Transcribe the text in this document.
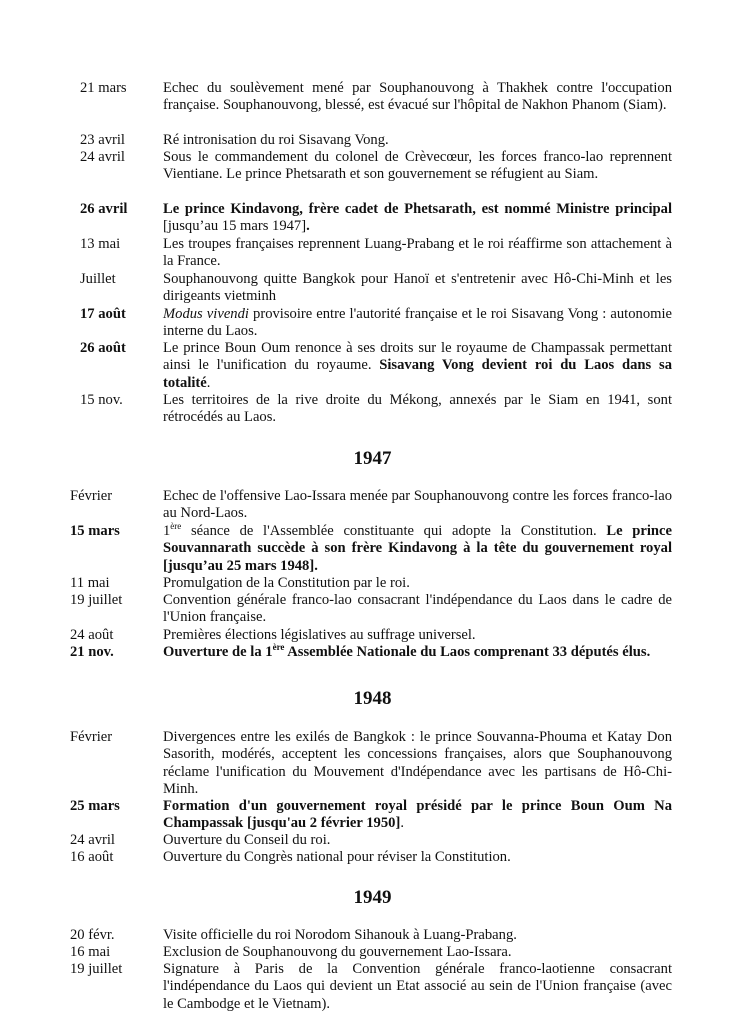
21 mars	Echec du soulèvement mené par Souphanouvong à Thakhek contre l'occupation française. Souphanouvong, blessé, est évacué sur l'hôpital de Nakhon Phanom (Siam).
23 avril	Ré intronisation du roi Sisavang Vong.
24 avril	Sous le commandement du colonel de Crèvecœur, les forces franco-lao reprennent Vientiane. Le prince Phetsarath et son gouvernement se réfugient au Siam.
26 avril	Le prince Kindavong, frère cadet de Phetsarath, est nommé Ministre principal [jusqu’au 15 mars 1947].
13 mai	Les troupes françaises reprennent Luang-Prabang et le roi réaffirme son attachement à la France.
Juillet	Souphanouvong quitte Bangkok pour Hanoï et s'entretenir avec Hô-Chi-Minh et les dirigeants vietminh
17 août	Modus vivendi provisoire entre l'autorité française et le roi Sisavang Vong : autonomie interne du Laos.
26 août	Le prince Boun Oum renonce à ses droits sur le royaume de Champassak permettant ainsi le l'unification du royaume. Sisavang Vong devient roi du Laos dans sa totalité.
15 nov.	Les territoires de la rive droite du Mékong, annexés par le Siam en 1941, sont rétrocédés au Laos.
1947
Février	Echec de l'offensive Lao-Issara menée par Souphanouvong contre les forces franco-lao au Nord-Laos.
15 mars	1ère séance de l'Assemblée constituante qui adopte la Constitution. Le prince Souvannarath succède à son frère Kindavong à la tête du gouvernement royal [jusqu’au 25 mars 1948].
11 mai	Promulgation de la Constitution par le roi.
19 juillet	Convention générale franco-lao consacrant l'indépendance du Laos dans le cadre de l'Union française.
24 août	Premières élections législatives au suffrage universel.
21 nov.	Ouverture de la 1ère Assemblée Nationale du Laos comprenant 33 députés élus.
1948
Février	Divergences entre les exilés de Bangkok : le prince Souvanna-Phouma et Katay Don Sasorith, modérés, acceptent les concessions françaises, alors que Souphanouvong réclame l'unification du Mouvement d'Indépendance avec les partisans de Hô-Chi-Minh.
25 mars	Formation d'un gouvernement royal présidé par le prince Boun Oum Na Champassak [jusqu'au 2 février 1950].
24 avril	Ouverture du Conseil du roi.
16 août	Ouverture du Congrès national pour réviser la Constitution.
1949
20 févr.	Visite officielle du roi Norodom Sihanouk à Luang-Prabang.
16 mai	Exclusion de Souphanouvong du gouvernement Lao-Issara.
19 juillet	Signature à Paris de la Convention générale franco-laotienne consacrant l'indépendance du Laos qui devient un Etat associé au sein de l'Union française (avec le Cambodge et le Vietnam).
